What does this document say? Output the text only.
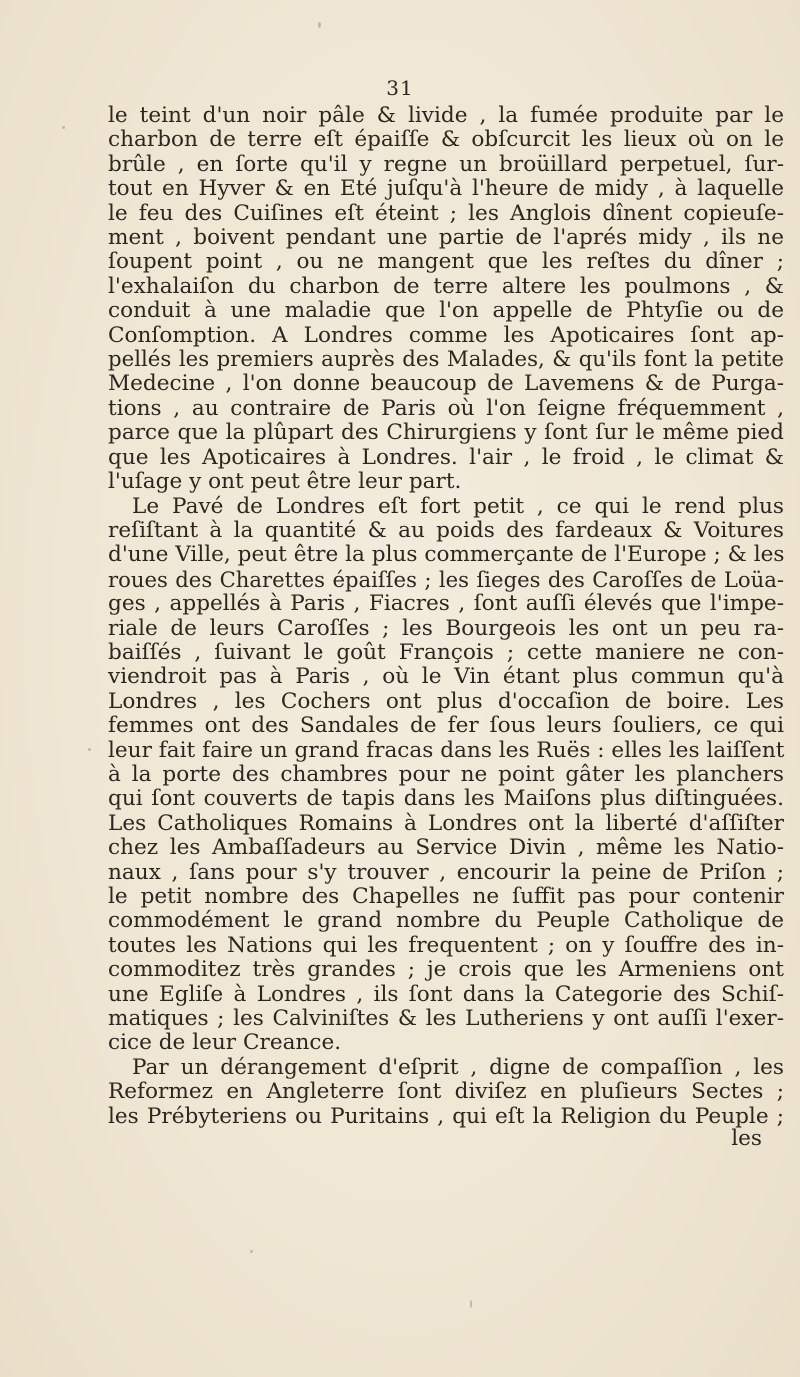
31
le teint d'un noir pâle & livide , la fumée produite par le
charbon de terre eſt épaiſſe & obſcurcit les lieux où on le
brûle , en ſorte qu'il y regne un broüillard perpetuel, ſur-
tout en Hyver & en Eté juſqu'à l'heure de midy , à laquelle
le feu des Cuiſines eſt éteint ; les Anglois dînent copieuſe-
ment , boivent pendant une partie de l'aprés midy , ils ne
ſoupent point , ou ne mangent que les reſtes du dîner ;
l'exhalaiſon du charbon de terre altere les poulmons , &
conduit à une maladie que l'on appelle de Phtyſie ou de
Conſomption. A Londres comme les Apoticaires ſont ap-
pellés les premiers auprès des Malades, & qu'ils font la petite
Medecine , l'on donne beaucoup de Lavemens & de Purga-
tions , au contraire de Paris où l'on ſeigne fréquemment ,
parce que la plûpart des Chirurgiens y ſont ſur le même pied
que les Apoticaires à Londres. l'air , le froid , le climat &
l'uſage y ont peut être leur part.
Le Pavé de Londres eſt fort petit , ce qui le rend plus
reſiſtant à la quantité & au poids des fardeaux & Voitures
d'une Ville, peut être la plus commerçante de l'Europe ; & les
roues des Charettes épaiſſes ; les ſieges des Caroſſes de Loüa-
ges , appellés à Paris , Fiacres , ſont auſſi élevés que l'impe-
riale de leurs Caroſſes ; les Bourgeois les ont un peu ra-
baiſſés , ſuivant le goût François ; cette maniere ne con-
viendroit pas à Paris , où le Vin étant plus commun qu'à
Londres , les Cochers ont plus d'occaſion de boire. Les
femmes ont des Sandales de fer ſous leurs ſouliers, ce qui
leur fait faire un grand fracas dans les Ruës : elles les laiſſent
à la porte des chambres pour ne point gâter les planchers
qui ſont couverts de tapis dans les Maiſons plus diſtinguées.
Les Catholiques Romains à Londres ont la liberté d'aſſiſter
chez les Ambaſſadeurs au Service Divin , même les Natio-
naux , ſans pour s'y trouver , encourir la peine de Priſon ;
le petit nombre des Chapelles ne ſuffit pas pour contenir
commodément le grand nombre du Peuple Catholique de
toutes les Nations qui les frequentent ; on y ſouffre des in-
commoditez très grandes ; je crois que les Armeniens ont
une Egliſe à Londres , ils ſont dans la Categorie des Schiſ-
matiques ; les Calviniſtes & les Lutheriens y ont auſſi l'exer-
cice de leur Creance.
Par un dérangement d'eſprit , digne de compaſſion , les
Reformez en Angleterre ſont diviſez en pluſieurs Sectes ;
les Prébyteriens ou Puritains , qui eſt la Religion du Peuple ;
les
